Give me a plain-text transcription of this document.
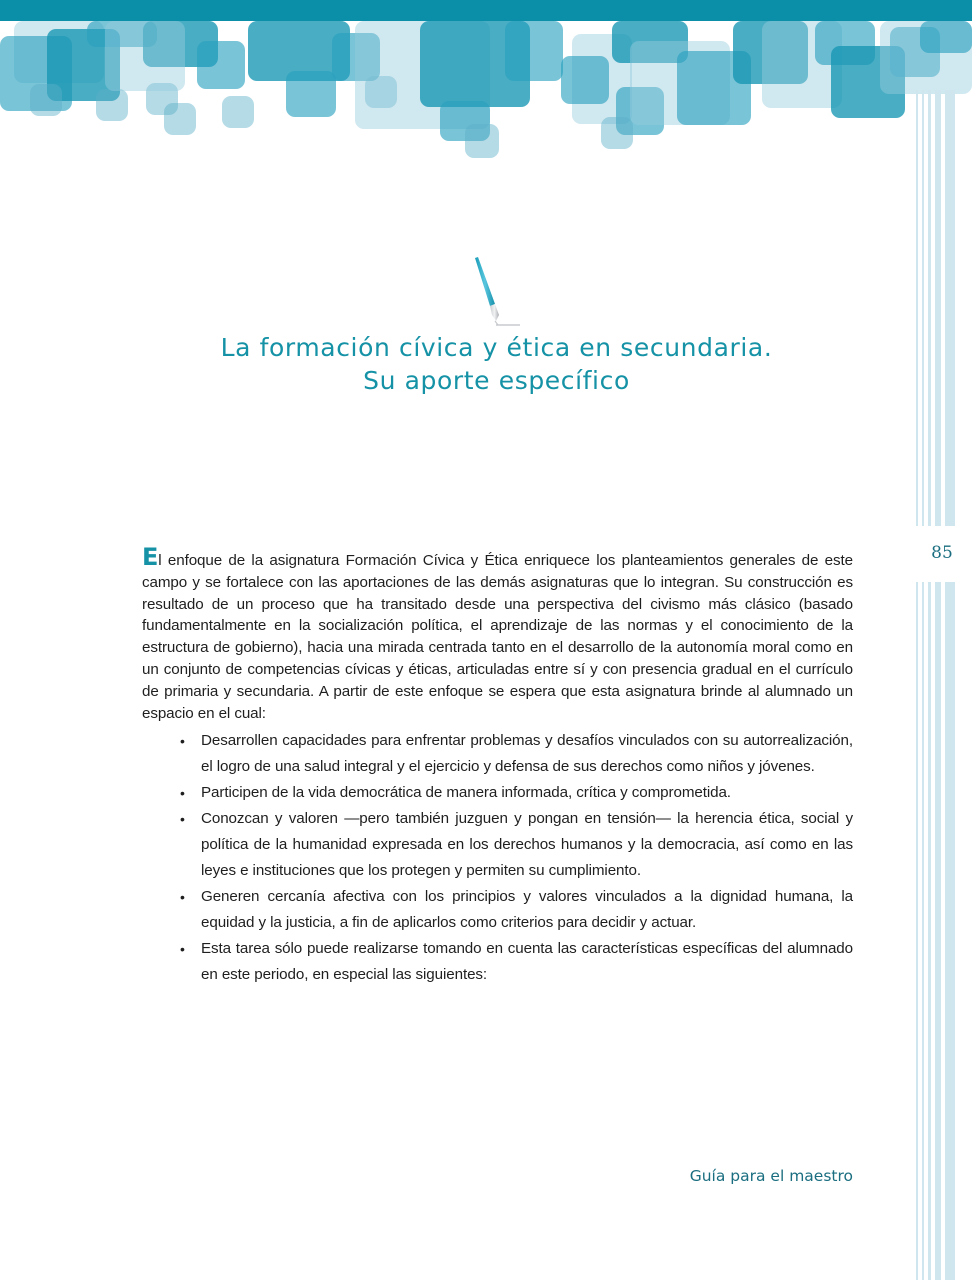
85
La formación cívica y ética en secundaria.
Su aporte específico

El enfoque de la asignatura Formación Cívica y Ética enriquece los planteamientos generales de este campo y se fortalece con las aportaciones de las demás asignaturas que lo integran. Su construcción es resultado de un proceso que ha transitado desde una perspectiva del civismo más clásico (basado fundamentalmente en la socialización política, el aprendizaje de las normas y el conocimiento de la estructura de gobierno), hacia una mirada centrada tanto en el desarrollo de la autonomía moral como en un conjunto de competencias cívicas y éticas, articuladas entre sí y con presencia gradual en el currículo de primaria y secundaria. A partir de este enfoque se espera que esta asignatura brinde al alumnado un espacio en el cual:

• Desarrollen capacidades para enfrentar problemas y desafíos vinculados con su autorrealización, el logro de una salud integral y el ejercicio y defensa de sus derechos como niños y jóvenes.
• Participen de la vida democrática de manera informada, crítica y comprometida.
• Conozcan y valoren —pero también juzguen y pongan en tensión— la herencia ética, social y política de la humanidad expresada en los derechos humanos y la democracia, así como en las leyes e instituciones que los protegen y permiten su cumplimiento.
• Generen cercanía afectiva con los principios y valores vinculados a la dignidad humana, la equidad y la justicia, a fin de aplicarlos como criterios para decidir y actuar.
• Esta tarea sólo puede realizarse tomando en cuenta las características específicas del alumnado en este periodo, en especial las siguientes:
Guía para el maestro
